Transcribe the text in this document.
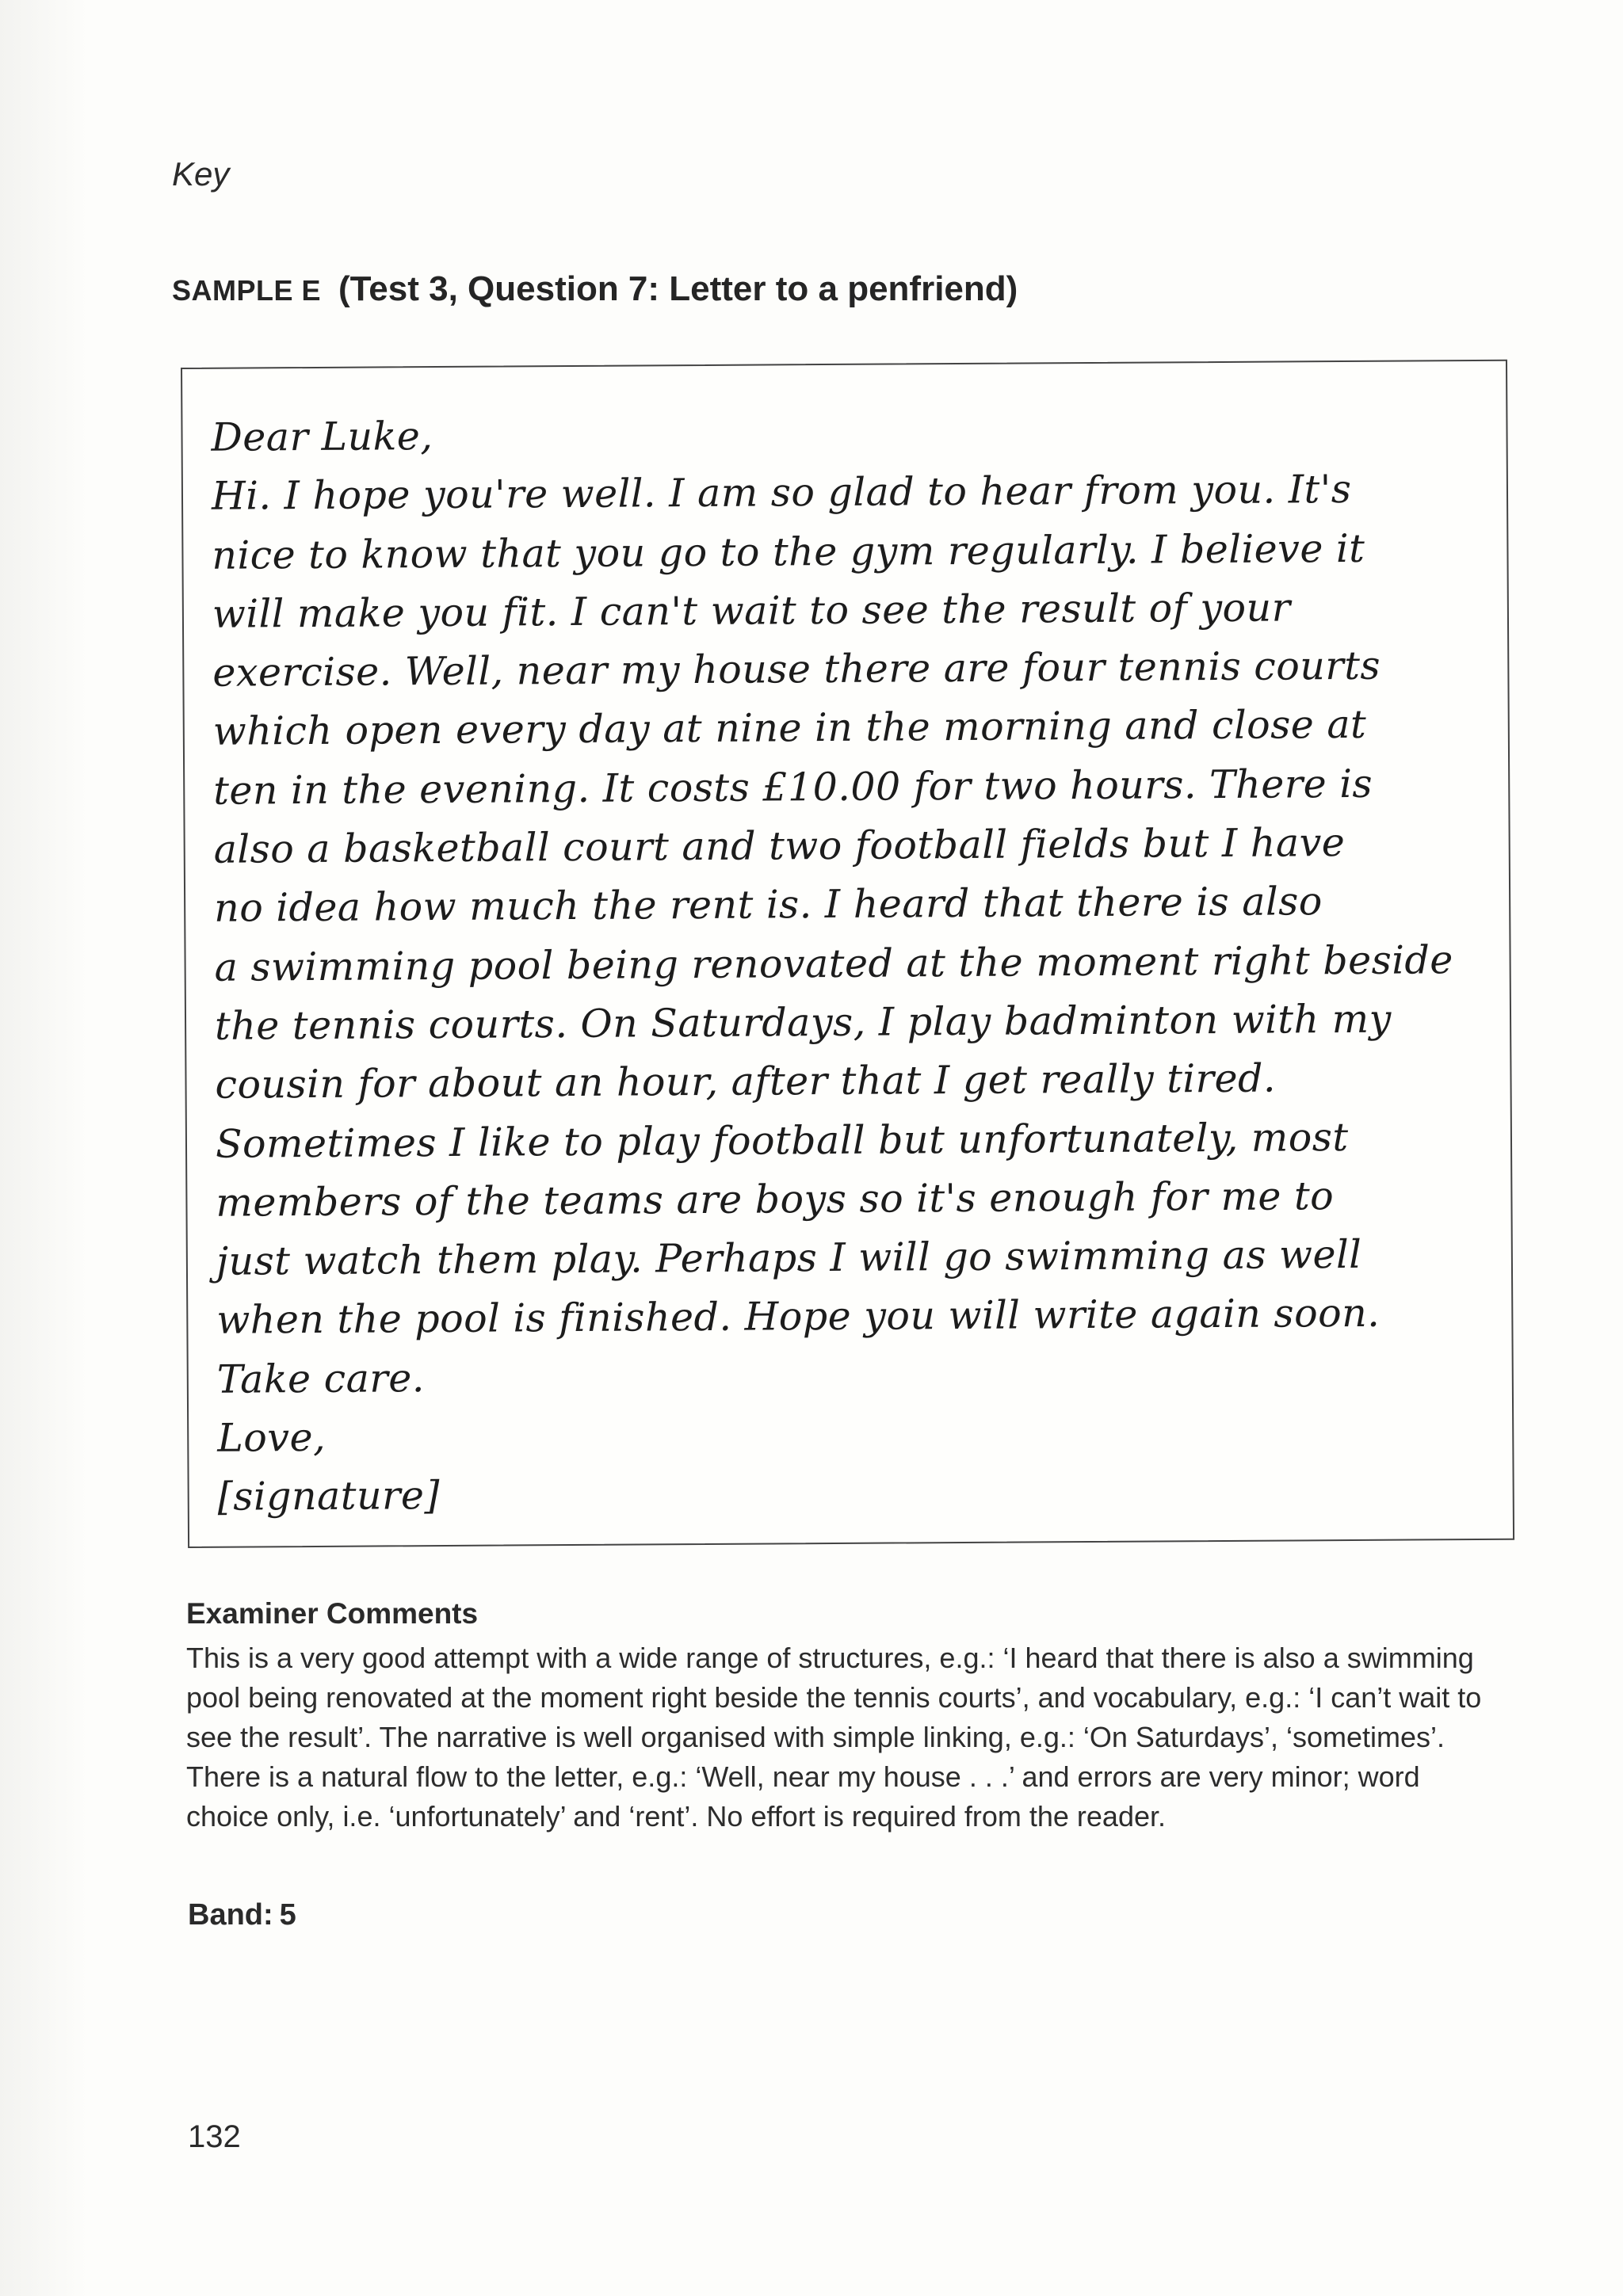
Key
SAMPLE E (Test 3, Question 7: Letter to a penfriend)
Dear Luke,
Hi. I hope you're well. I am so glad to hear from you. It's
nice to know that you go to the gym regularly. I believe it
will make you fit. I can't wait to see the result of your
exercise. Well, near my house there are four tennis courts
which open every day at nine in the morning and close at
ten in the evening. It costs £10.00 for two hours. There is
also a basketball court and two football fields but I have
no idea how much the rent is. I heard that there is also
a swimming pool being renovated at the moment right beside
the tennis courts. On Saturdays, I play badminton with my
cousin for about an hour, after that I get really tired.
Sometimes I like to play football but unfortunately, most
members of the teams are boys so it's enough for me to
just watch them play. Perhaps I will go swimming as well
when the pool is finished. Hope you will write again soon.
Take care.
Love,
[signature]
Examiner Comments

This is a very good attempt with a wide range of structures, e.g.: ‘I heard that there is also a swimming pool being renovated at the moment right beside the tennis courts’, and vocabulary, e.g.: ‘I can’t wait to see the result’. The narrative is well organised with simple linking, e.g.: ‘On Saturdays’, ‘sometimes’. There is a natural flow to the letter, e.g.: ‘Well, near my house . . .’ and errors are very minor; word choice only, i.e. ‘unfortunately’ and ‘rent’. No effort is required from the reader.

Band: 5
132
